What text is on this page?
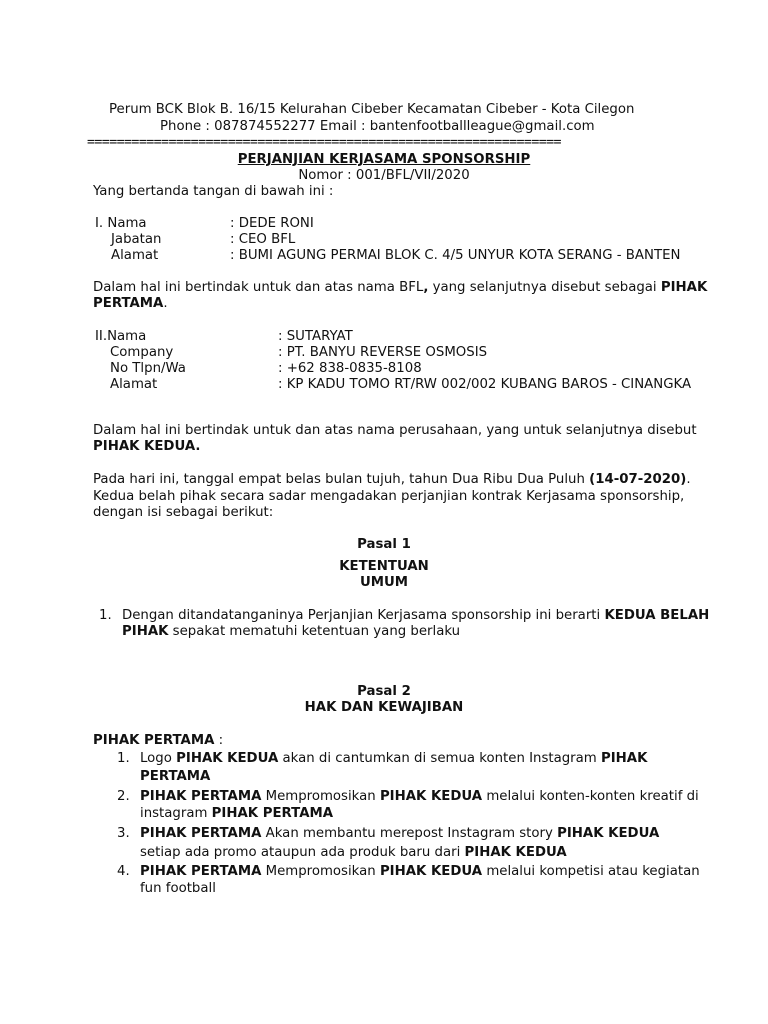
Perum BCK Blok B. 16/15 Kelurahan Cibeber Kecamatan Cibeber - Kota Cilegon
Phone : 087874552277 Email : bantenfootballleague@gmail.com
================================================================
PERJANJIAN KERJASAMA SPONSORSHIP
Nomor : 001/BFL/VII/2020
Yang bertanda tangan di bawah ini :
I. Nama	: DEDE RONI
Jabatan	: CEO BFL
Alamat	: BUMI AGUNG PERMAI BLOK C. 4/5 UNYUR KOTA SERANG - BANTEN
Dalam hal ini bertindak untuk dan atas nama BFL, yang selanjutnya disebut sebagai PIHAK
PERTAMA.
II.Nama	: SUTARYAT
Company	: PT. BANYU REVERSE OSMOSIS
No Tlpn/Wa	: +62 838-0835-8108
Alamat	: KP KADU TOMO RT/RW 002/002 KUBANG BAROS - CINANGKA
Dalam hal ini bertindak untuk dan atas nama perusahaan, yang untuk selanjutnya disebut
PIHAK KEDUA.
Pada hari ini, tanggal empat belas bulan tujuh, tahun Dua Ribu Dua Puluh (14-07-2020).
Kedua belah pihak secara sadar mengadakan perjanjian kontrak Kerjasama sponsorship,
dengan isi sebagai berikut:
Pasal 1
KETENTUAN
UMUM
1. Dengan ditandatanganinya Perjanjian Kerjasama sponsorship ini berarti KEDUA BELAH
PIHAK sepakat mematuhi ketentuan yang berlaku
Pasal 2
HAK DAN KEWAJIBAN
PIHAK PERTAMA :
1. Logo PIHAK KEDUA akan di cantumkan di semua konten Instagram PIHAK
PERTAMA
2. PIHAK PERTAMA Mempromosikan PIHAK KEDUA melalui konten-konten kreatif di
instagram PIHAK PERTAMA
3. PIHAK PERTAMA Akan membantu merepost Instagram story PIHAK KEDUA
setiap ada promo ataupun ada produk baru dari PIHAK KEDUA
4. PIHAK PERTAMA Mempromosikan PIHAK KEDUA melalui kompetisi atau kegiatan
fun football
